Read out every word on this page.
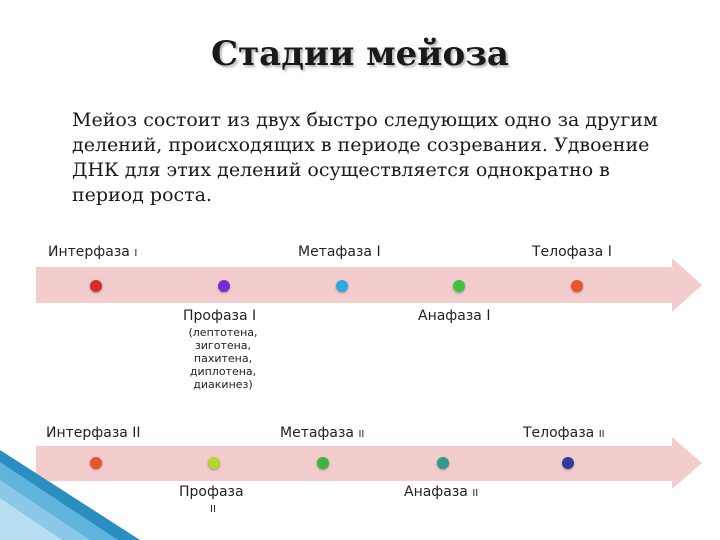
Стадии мейоза

Мейоз состоит из двух быстро следующих одно за другим делений, происходящих в периоде созревания. Удвоение ДНК для этих делений осуществляется однократно в период роста.

Интерфаза I	Метафаза I	Телофаза I
Профаза I
(лептотена,
зиготена,
пахитена,
диплотена,
диакинез)
Анафаза I
Интерфаза II	Метафаза II	Телофаза II
Профаза
II
Анафаза II
